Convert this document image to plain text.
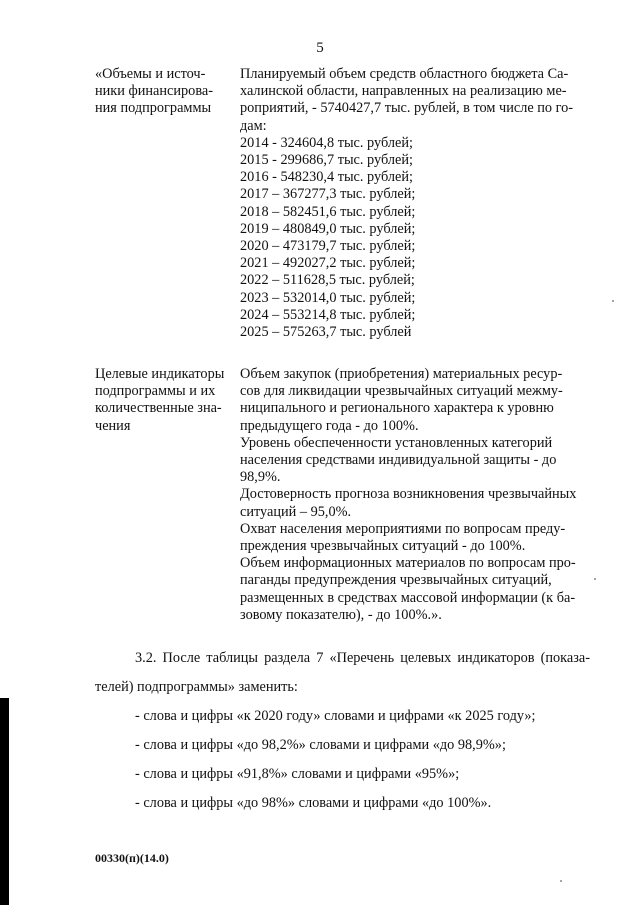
5
«Объемы и источ-
ники финансирова-
ния подпрограммы
Планируемый объем средств областного бюджета Са-
халинской области, направленных на реализацию ме-
роприятий, - 5740427,7 тыс. рублей, в том числе по го-
дам:
2014 - 324604,8 тыс. рублей;
2015 - 299686,7 тыс. рублей;
2016 - 548230,4 тыс. рублей;
2017 – 367277,3 тыс. рублей;
2018 – 582451,6 тыс. рублей;
2019 – 480849,0 тыс. рублей;
2020 – 473179,7 тыс. рублей;
2021 – 492027,2 тыс. рублей;
2022 – 511628,5 тыс. рублей;
2023 – 532014,0 тыс. рублей;
2024 – 553214,8 тыс. рублей;
2025 – 575263,7 тыс. рублей
Целевые индикаторы
подпрограммы и их
количественные зна-
чения
Объем закупок (приобретения) материальных ресур-
сов для ликвидации чрезвычайных ситуаций межму-
ниципального и регионального характера к уровню
предыдущего года - до 100%.
Уровень обеспеченности установленных категорий
населения средствами индивидуальной защиты - до
98,9%.
Достоверность прогноза возникновения чрезвычайных
ситуаций – 95,0%.
Охват населения мероприятиями по вопросам преду-
преждения чрезвычайных ситуаций - до 100%.
Объем информационных материалов по вопросам про-
паганды предупреждения чрезвычайных ситуаций,
размещенных в средствах массовой информации (к ба-
зовому показателю), - до 100%.».
3.2. После таблицы раздела 7 «Перечень целевых индикаторов (показа-телей) подпрограммы» заменить:
- слова и цифры «к 2020 году» словами и цифрами «к 2025 году»;
- слова и цифры «до 98,2%» словами и цифрами «до 98,9%»;
- слова и цифры «91,8%» словами и цифрами «95%»;
- слова и цифры «до 98%» словами и цифрами «до 100%».
00330(п)(14.0)
